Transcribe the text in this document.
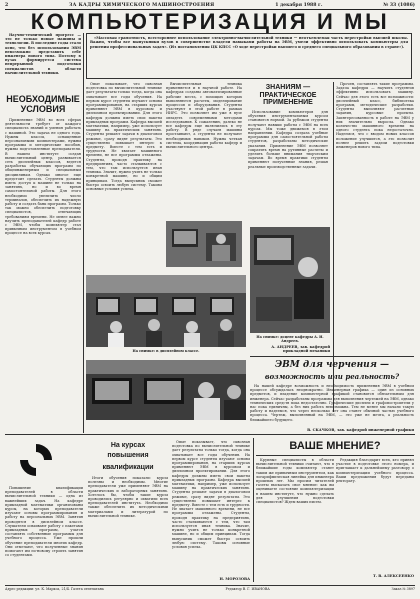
2	ЗА КАДРЫ ХИМИЧЕСКОГО МАШИНОСТРОЕНИЯ	1 декабря 1988 г.	№ 33 (1086)
КОМПЬЮТЕРИЗАЦИЯ И МЫ

Научно-технический прогресс — это не только новые машины и технологии. В последние годы стало ясно, что без использования ЭВМ невозможно представить себе инженера нового типа. Поэтому в вузах формируется система непрерывной подготовки специалистов в области вычислительной техники.

НЕОБХОДИМЫЕ УСЛОВИЯ

Применение ЭВМ во всех сферах деятельности требует от каждого специалиста знаний и умения работать с машиной. Это задача не одного года. Нужны классы, оснащенные персональными компьютерами, нужны программы и методические пособия, нужны подготовленные преподаватели. В нашем институте создан вычислительный центр, развивается сеть дисплейных классов, ведется разработка обучающих программ по общеинженерным и специальным дисциплинам. Однако многое еще предстоит сделать. Студенты должны иметь доступ к машине не только на занятиях, но и во время самостоятельной работы. Для этого необходимо увеличить число терминалов, обеспечить их надежную работу и создать банк программ. Только так можно обеспечить подготовку специалистов, отвечающих требованиям времени. Не менее важно научить преподавателей кафедр работе с ЭВМ, чтобы компьютер стал привычным инструментом в учебном процессе на всех курсах.

«Массовая грамотность, всестороннее использование электронно-вычислительной техники — неотъемлемая часть перестройки высшей школы. Важно, чтобы все выпускники вузов в совершенстве владели навыками работы на ЭВМ, умели эффективно использовать компьютеры для решения профессиональных задач». (Из постановления ЦК КПСС «О ходе перестройки высшего и среднего специального образования в стране»).

Опыт показывает, что сквозная подготовка по вычислительной технике дает результаты только тогда, когда она охватывает все годы обучения. На первом курсе студенты изучают основы программирования, на старших курсах применяют ЭВМ в курсовом и дипломном проектировании. Для этого кафедры должны иметь свои пакеты прикладных программ. Кафедра высшей математики, например, уже использует машину на практических занятиях. Студенты решают задачи в диалоговом режиме, сразу видят результаты. Это существенно повышает интерес к предмету. Вместе с тем есть и трудности. Не хватает машинного времени, не все программы отлажены. Студенты, проходя практику на предприятиях, часто сталкиваются с тем, что там используется иная техника. Значит, нужно учить не только конкретной машине, но и общим принципам. Тогда выпускник сможет быстро освоить любую систему. Таковы основные условия успеха.

Вычислительная техника применяется и в научной работе. На кафедрах созданы автоматизированные рабочие места, с помощью которых выполняются расчеты, моделирование процессов и оборудования. Студенты участвуют в этой работе в рамках НИРС. Это позволяет им уже в вузе овладеть современными методами исследования. К сожалению, далеко не все кафедры еще включились в эту работу. В ряде случаев машины простаивают, а студенты не получают необходимых навыков. Нужна четкая система, координация работы кафедр и вычислительного центра.

ЗНАНИЯМ — ПРАКТИЧЕСКОЕ ПРИМЕНЕНИЕ

Использование компьютеров для обучения инструментальным курсом становится нормой. За рубежом студенты получают навыки работы с ЭВМ на всех курсах. Мы тоже движемся в этом направлении. Кафедра создала учебные программы для самостоятельной работы студентов, разработаны методические указания. Применение ЭВМ позволяет сократить время на рутинные расчеты и уделить больше внимания творческим задачам. Во время практики студенты применяют полученные знания, решая реальные производственные задачи.

Прочен, составлять такие программы. Задача кафедры — научить студентов эффективно использовать машину. Сейчас для этого есть все возможности: дисплейный класс, библиотека программ, методические разработки. Студенты выполняют расчетные задания, курсовые проекты. Заинтересованность в работе на ЭВМ у них значительно выросла. Однако количество машинного времени на одного студента пока недостаточно. Надеемся, что с вводом новых классов положение улучшится, а это позволит полнее решить задачи подготовки инженеров нового типа.

На снимке: в дисплейном классе.
На снимке: доцент кафедры А. И. Андреев.
А. АНДРЕЕВ, зав. кафедрой прикладной механики
ЭВМ для черчения —
возможность или реальность?

На нашей кафедре возможность и необходимость применения ЭВМ в учебном процессе обсуждалась неоднократно. Инженерная графика — один из основных предметов, и владение компьютерной графикой становится обязательным для инженера. Сейчас разработаны программы для выполнения чертежей на ЭВМ, однако технических средств пока недостаточно. Графические дисплеи и графопостроители у нас пока единичны, а без них работа невозможна. Тем не менее мы начали такую работу и надеемся, что через несколько лет она станет обычной частью учебного процесса. Чертеж, выполненный на ЭВМ, — это уже не мечта, а реальность ближайшего будущего.

В. СКАЧКОВ, зав. кафедрой инженерной графики

Повышение квалификации преподавателей в области вычислительной техники — одна из важнейших задач. На кафедре прикладной математики организованы курсы, на которых преподаватели изучают основы программирования и работу на персональных ЭВМ. Занятия проводятся в дисплейном классе. Слушатели осваивают работу с пакетами прикладных программ, учатся составлять собственные программы для учебного процесса. Уже прошли обучение преподаватели многих кафедр. Они отмечают, что полученные знания помогают им по-новому строить занятия со студентами.

На курсах
повышения
квалификации

Итоги обучения показали: курсы полезны и необходимы. Многие преподаватели уже применяют ЭВМ на практических и лабораторных занятиях. Хотелось бы, чтобы такие курсы проводились регулярно и охватили всех преподавателей института. Необходимо также обеспечить их методическими материалами и литературой по вычислительной технике.

Опыт показывает, что сквозная подготовка по вычислительной технике дает результаты только тогда, когда она охватывает все годы обучения. На первом курсе студенты изучают основы программирования, на старших курсах применяют ЭВМ в курсовом и дипломном проектировании. Для этого кафедры должны иметь свои пакеты прикладных программ. Кафедра высшей математики, например, уже использует машину на практических занятиях. Студенты решают задачи в диалоговом режиме, сразу видят результаты. Это существенно повышает интерес к предмету. Вместе с тем есть и трудности. Не хватает машинного времени, не все программы отлажены. Студенты, проходя практику на предприятиях, часто сталкиваются с тем, что там используется иная техника. Значит, нужно учить не только конкретной машине, но и общим принципам. Тогда выпускник сможет быстро освоить любую систему. Таковы основные условия успеха.

Н. МОРОЗОВА
ВАШЕ МНЕНИЕ?

Крупные специалисты в области вычислительной техники считают, что в ближайшие годы компьютер станет таким же привычным инструментом, как логарифмическая линейка для инженера прошлых лет. Мы просим читателей газеты высказать свое мнение: как вы оцениваете состояние компьютеризации в нашем институте, что нужно сделать для улучшения подготовки специалистов? Ждем ваших писем.

Редакция благодарит всех, кто принял участие в подготовке этого номера, и приглашает к дальнейшему разговору о компьютеризации учебного процесса. Ваши предложения будут переданы ректорату.

Т. В. АЛЕКСЕЕНКО
Адрес редакции: ул. К. Маркса, 21/4. Газета отпечатана	Редактор В. Г. ИВАНОВА	Заказ № 3897
